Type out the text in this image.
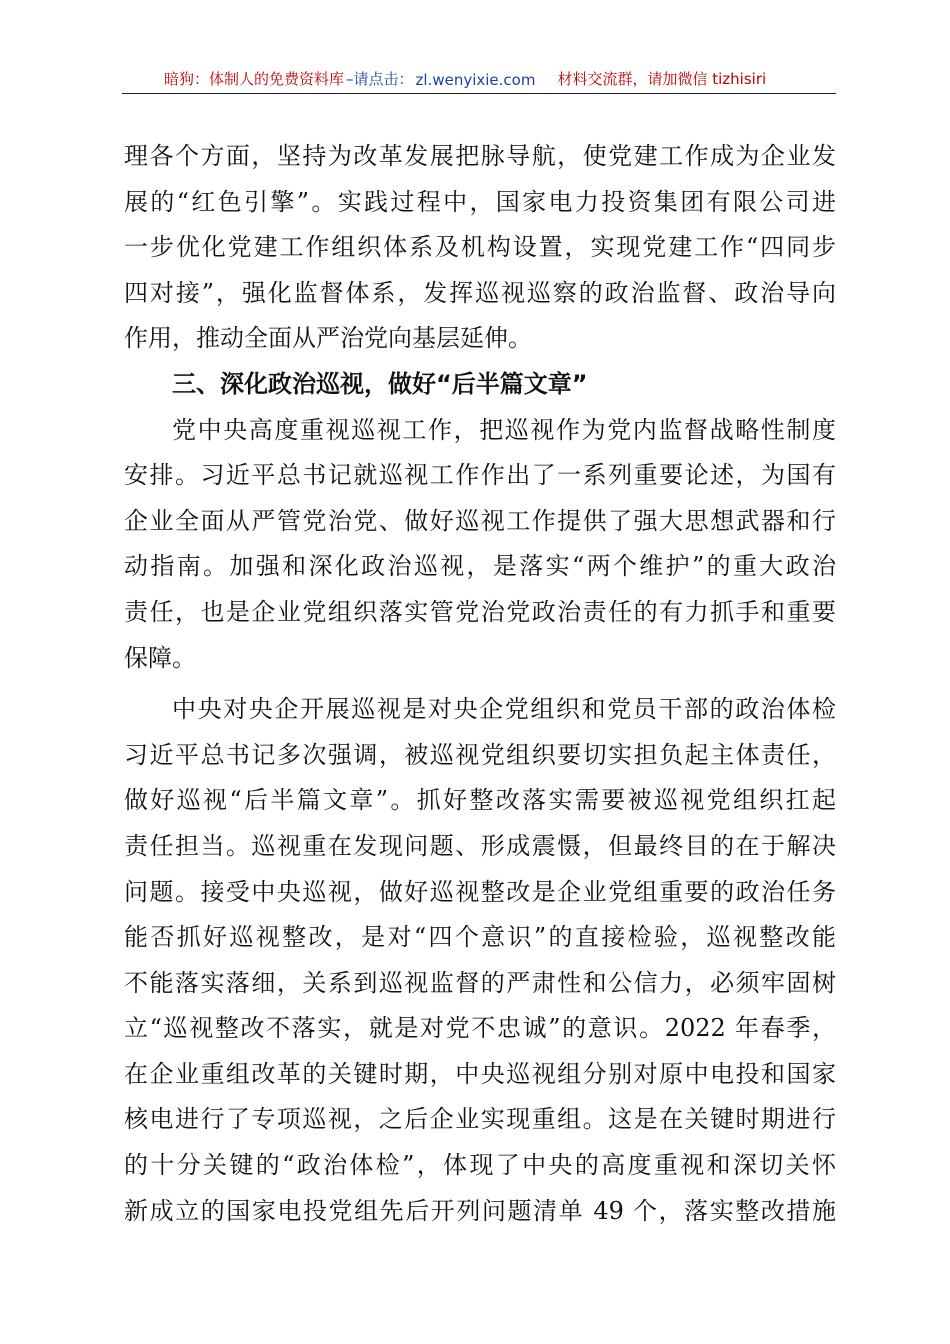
暗狗：体制人的免费资料库 –请点击： zl.wenyixie.com 材料交流群，请加微信 tizhisiri
理各个方面，坚持为改革发展把脉导航，使党建工作成为企业发
展的“红色引擎”。实践过程中，国家电力投资集团有限公司进
一步优化党建工作组织体系及机构设置，实现党建工作“四同步
四对接”，强化监督体系，发挥巡视巡察的政治监督、政治导向
作用，推动全面从严治党向基层延伸。
三、深化政治巡视，做好“后半篇文章”
党中央高度重视巡视工作，把巡视作为党内监督战略性制度
安排。习近平总书记就巡视工作作出了一系列重要论述，为国有
企业全面从严管党治党、做好巡视工作提供了强大思想武器和行
动指南。加强和深化政治巡视，是落实“两个维护”的重大政治
责任，也是企业党组织落实管党治党政治责任的有力抓手和重要
保障。
中央对央企开展巡视是对央企党组织和党员干部的政治体检
习近平总书记多次强调，被巡视党组织要切实担负起主体责任，
做好巡视“后半篇文章”。抓好整改落实需要被巡视党组织扛起
责任担当。巡视重在发现问题、形成震慑，但最终目的在于解决
问题。接受中央巡视，做好巡视整改是企业党组重要的政治任务
能否抓好巡视整改，是对“四个意识”的直接检验，巡视整改能
不能落实落细，关系到巡视监督的严肃性和公信力，必须牢固树
立“巡视整改不落实，就是对党不忠诚”的意识。2022 年春季，
在企业重组改革的关键时期，中央巡视组分别对原中电投和国家
核电进行了专项巡视，之后企业实现重组。这是在关键时期进行
的十分关键的“政治体检”，体现了中央的高度重视和深切关怀
新成立的国家电投党组先后开列问题清单 49 个，落实整改措施
